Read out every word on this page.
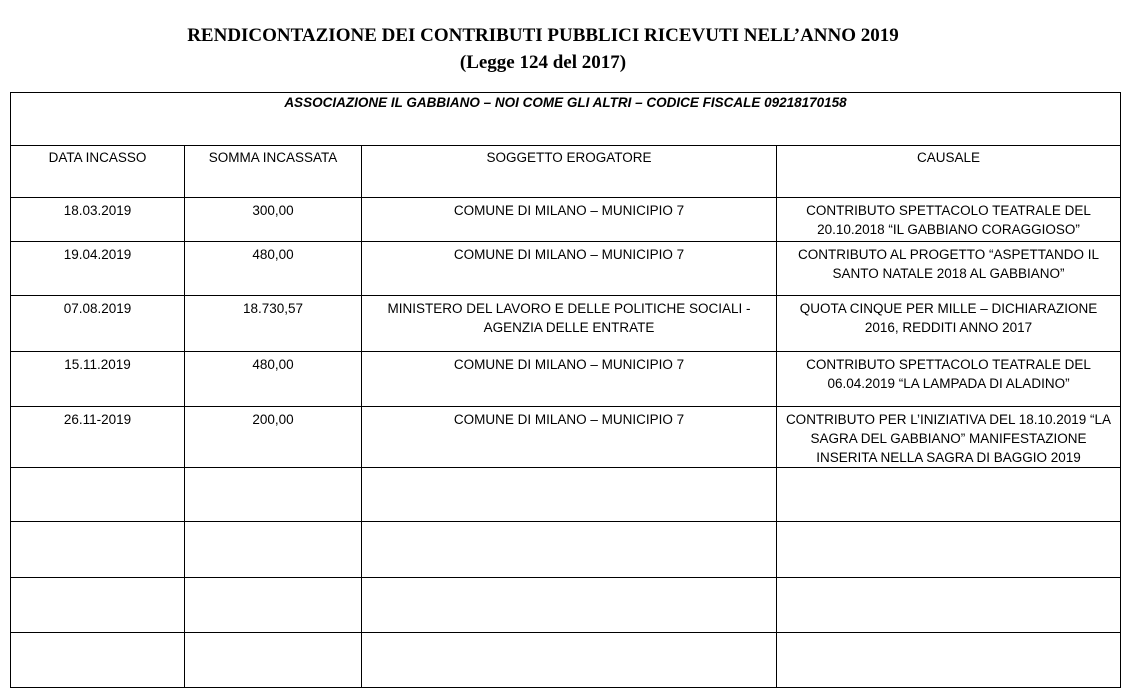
RENDICONTAZIONE DEI CONTRIBUTI PUBBLICI RICEVUTI NELL’ANNO 2019
(Legge 124 del 2017)
ASSOCIAZIONE IL GABBIANO – NOI COME GLI ALTRI – CODICE FISCALE 09218170158			
DATA INCASSO	SOMMA INCASSATA	SOGGETTO EROGATORE	CAUSALE
18.03.2019	300,00	COMUNE DI MILANO – MUNICIPIO 7	CONTRIBUTO SPETTACOLO TEATRALE DEL 20.10.2018 “IL GABBIANO CORAGGIOSO”
19.04.2019	480,00	COMUNE DI MILANO – MUNICIPIO 7	CONTRIBUTO AL PROGETTO “ASPETTANDO IL SANTO NATALE 2018 AL GABBIANO”
07.08.2019	18.730,57	MINISTERO DEL LAVORO E DELLE POLITICHE SOCIALI - AGENZIA DELLE ENTRATE	QUOTA CINQUE PER MILLE – DICHIARAZIONE 2016, REDDITI ANNO 2017
15.11.2019	480,00	COMUNE DI MILANO – MUNICIPIO 7	CONTRIBUTO SPETTACOLO TEATRALE DEL 06.04.2019 “LA LAMPADA DI ALADINO”
26.11-2019	200,00	COMUNE DI MILANO – MUNICIPIO 7	CONTRIBUTO PER L’INIZIATIVA DEL 18.10.2019 “LA SAGRA DEL GABBIANO” MANIFESTAZIONE INSERITA NELLA SAGRA DI BAGGIO 2019
